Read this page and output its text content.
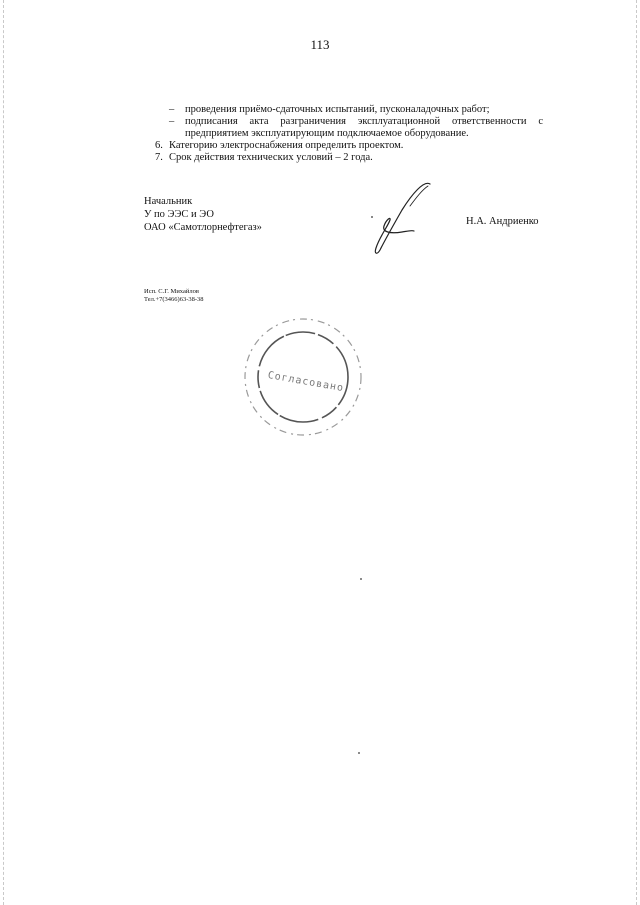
113
–	проведения приёмо-сдаточных испытаний, пусконаладочных работ;
–	подписания акта разграничения эксплуатационной ответственности с
предприятием эксплуатирующим подключаемое оборудование.
6. Категорию электроснабжения определить проектом.
7. Срок действия технических условий – 2 года.
Начальник
У по ЭЭС и ЭО
ОАО «Самотлорнефтегаз»
Н.А. Андриенко
Исп. С.Г. Михайлов
Тел.+7(3466)63-38-38
Согласовано
